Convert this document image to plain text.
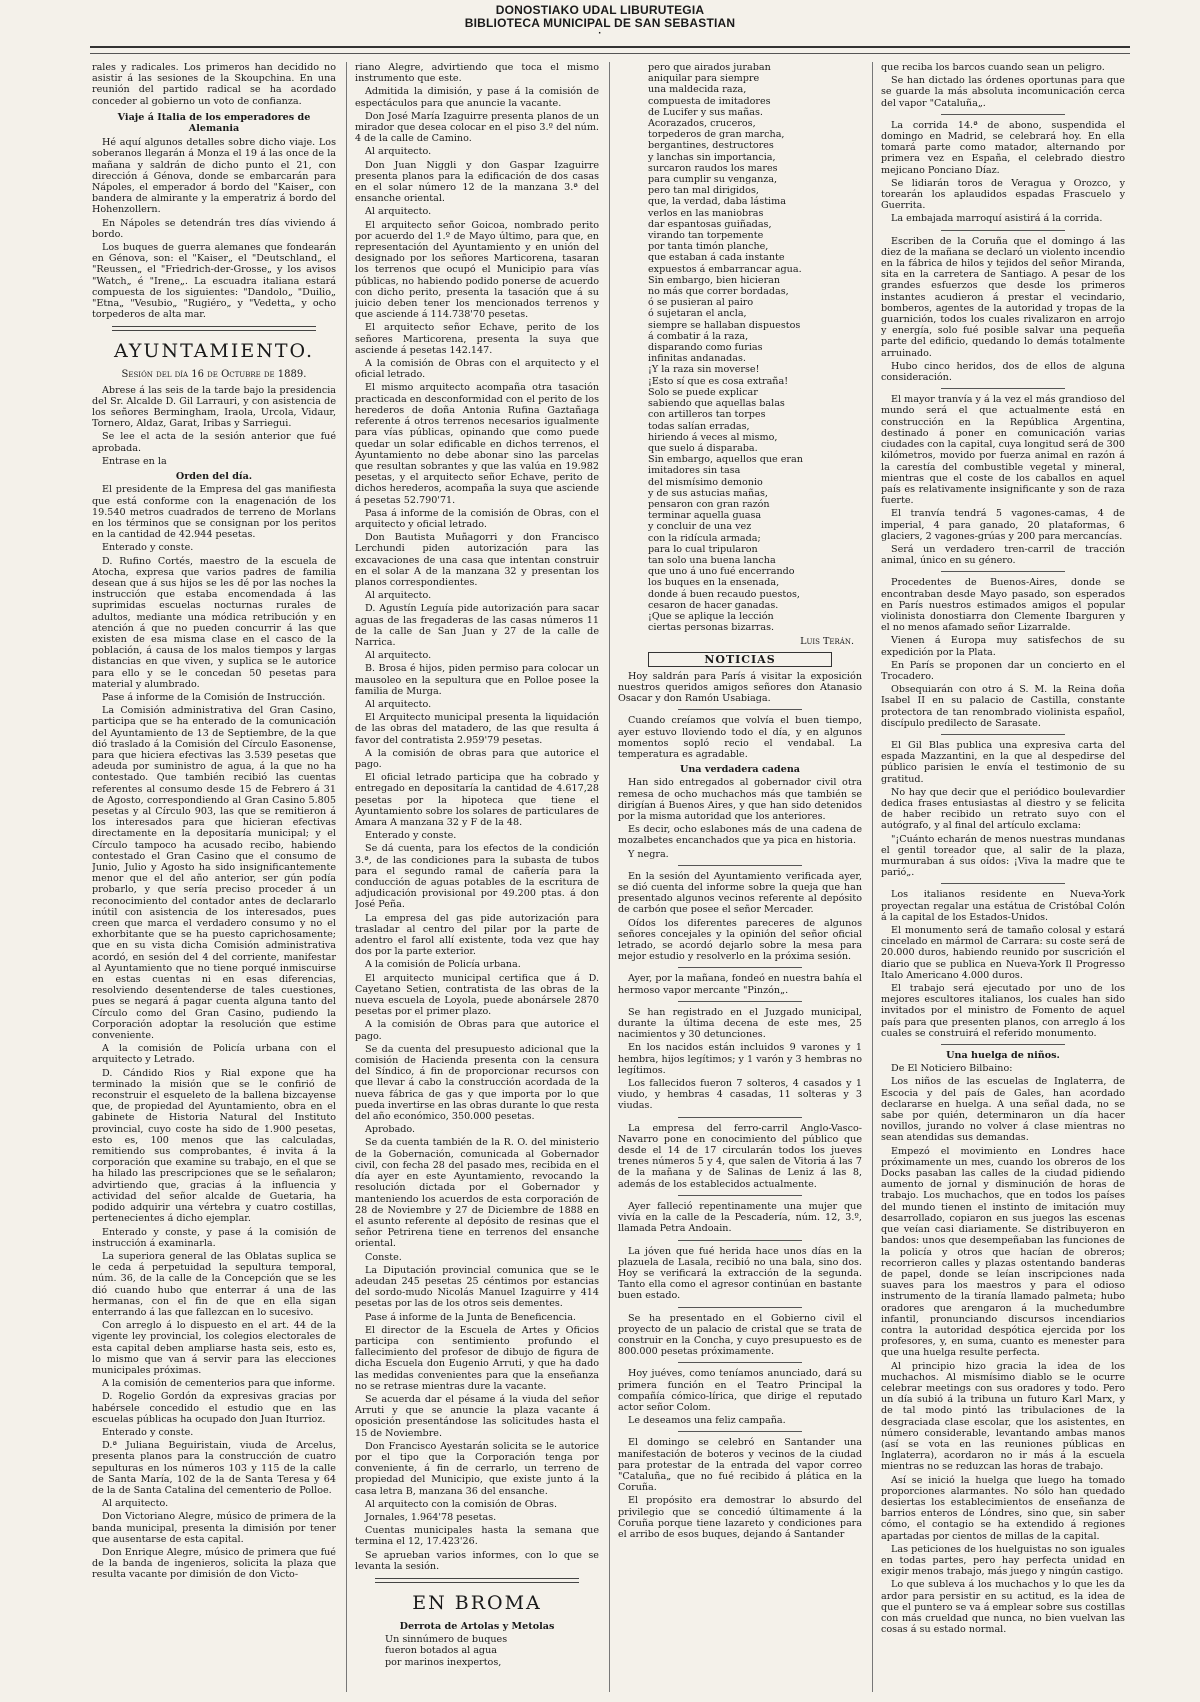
DONOSTIAKO UDAL LIBURUTEGIA
BIBLIOTECA MUNICIPAL DE SAN SEBASTIAN
·

rales y radicales. Los primeros han decidido no asistir á las sesiones de la Skoupchina. En una reunión del partido radical se ha acordado conceder al gobierno un voto de confianza.

Viaje á Italia de los emperadores de Alemania

Hé aquí algunos detalles sobre dicho viaje. Los soberanos llegarán á Monza el 19 á las once de la mañana y saldrán de dicho punto el 21, con dirección á Génova, donde se embarcarán para Nápoles, el emperador á bordo del "Kaiser„ con bandera de almirante y la emperatriz á bordo del Hohenzollern.

En Nápoles se detendrán tres días viviendo á bordo.

Los buques de guerra alemanes que fondearán en Génova, son: el "Kaiser„ el "Deutschland„ el "Reussen„ el "Friedrich-der-Grosse„ y los avisos "Watch„ é "Irene„. La escuadra italiana estará compuesta de los siguientes: "Dandolo„ "Duilio„ "Etna„ "Vesubio„ "Rugiéro„ y "Vedetta„ y ocho torpederos de alta mar.

AYUNTAMIENTO.
Sesión del día 16 de Octubre de 1889.

Abrese á las seis de la tarde bajo la presidencia del Sr. Alcalde D. Gil Larrauri, y con asistencia de los señores Bermingham, Iraola, Urcola, Vidaur, Tornero, Aldaz, Garat, Iribas y Sarriegui.

Se lee el acta de la sesión anterior que fué aprobada.

Entrase en la

Orden del día.

El presidente de la Empresa del gas manifiesta que está conforme con la enagenación de los 19.540 metros cuadrados de terreno de Morlans en los términos que se consignan por los peritos en la cantidad de 42.944 pesetas.

Enterado y conste.

D. Rufino Cortés, maestro de la escuela de Atocha, expresa que varios padres de familia desean que á sus hijos se les dé por las noches la instrucción que estaba encomendada á las suprimidas escuelas nocturnas rurales de adultos, mediante una módica retribución y en atención á que no pueden concurrir á las que existen de esa misma clase en el casco de la población, á causa de los malos tiempos y largas distancias en que viven, y suplica se le autorice para ello y se le concedan 50 pesetas para material y alumbrado.

Pase á informe de la Comisión de Instrucción.

La Comisión administrativa del Gran Casino, participa que se ha enterado de la comunicación del Ayuntamiento de 13 de Septiembre, de la que dió traslado á la Comisión del Círculo Easonense, para que hiciera efectivas las 3.539 pesetas que adeuda por suministro de agua, á la que no ha contestado. Que también recibió las cuentas referentes al consumo desde 15 de Febrero á 31 de Agosto, correspondiendo al Gran Casino 5.805 pesetas y al Círculo 903, las que se remitieron á los interesados para que hicieran efectivas directamente en la depositaría municipal; y el Círculo tampoco ha acusado recibo, habiendo contestado el Gran Casino que el consumo de Junio, Julio y Agosto ha sido insignificantemente menor que el del año anterior, ser gún podía probarlo, y que sería preciso proceder á un reconocimiento del contador antes de declararlo inútil con asistencia de los interesados, pues creen que marca el verdadero consumo y no el exhorbitante que se ha puesto caprichosamente; que en su vista dicha Comisión administrativa acordó, en sesión del 4 del corriente, manifestar al Ayuntamiento que no tiene porqué inmiscuirse en estas cuentas ni en esas diferencias, resolviendo desentenderse de tales cuestiones, pues se negará á pagar cuenta alguna tanto del Círculo como del Gran Casino, pudiendo la Corporación adoptar la resolución que estime conveniente.

A la comisión de Policía urbana con el arquitecto y Letrado.

D. Cándido Rios y Rial expone que ha terminado la misión que se le confirió de reconstruir el esqueleto de la ballena bizcayense que, de propiedad del Ayuntamiento, obra en el gabinete de Historia Natural del Instituto provincial, cuyo coste ha sido de 1.900 pesetas, esto es, 100 menos que las calculadas, remitiendo sus comprobantes, é invita á la corporación que examine su trabajo, en el que se ha hilado las prescripciones que se le señalaron; advirtiendo que, gracias á la influencia y actividad del señor alcalde de Guetaria, ha podido adquirir una vértebra y cuatro costillas, pertenecientes á dicho ejemplar.

Enterado y conste, y pase á la comisión de instrucción á examinarla.

La superiora general de las Oblatas suplica se le ceda á perpetuidad la sepultura temporal, núm. 36, de la calle de la Concepción que se les dió cuando hubo que enterrar á una de las hermanas, con el fin de que en ella sigan enterrando á las que fallezcan en lo sucesivo.

Con arreglo á lo dispuesto en el art. 44 de la vigente ley provincial, los colegios electorales de esta capital deben ampliarse hasta seis, esto es, lo mismo que van á servir para las elecciones municipales próximas.

A la comisión de cementerios para que informe.

D. Rogelio Gordón da expresivas gracias por habérsele concedido el estudio que en las escuelas públicas ha ocupado don Juan Iturrioz.

Enterado y conste.

D.ª Juliana Beguiristain, viuda de Arcelus, presenta planos para la construcción de cuatro sepulturas en los números 103 y 115 de la calle de Santa María, 102 de la de Santa Teresa y 64 de la de Santa Catalina del cementerio de Polloe.

Al arquitecto.

Don Victoriano Alegre, músico de primera de la banda municipal, presenta la dimisión por tener que ausentarse de esta capital.

Don Enrique Alegre, músico de primera que fué de la banda de ingenieros, solicita la plaza que resulta vacante por dimisión de don Victo-

riano Alegre, advirtiendo que toca el mismo instrumento que este.

Admitida la dimisión, y pase á la comisión de espectáculos para que anuncie la vacante.

Don José María Izaguirre presenta planos de un mirador que desea colocar en el piso 3.º del núm. 4 de la calle de Camino.

Al arquitecto.

Don Juan Niggli y don Gaspar Izaguirre presenta planos para la edificación de dos casas en el solar número 12 de la manzana 3.ª del ensanche oriental.

Al arquitecto.

El arquitecto señor Goicoa, nombrado perito por acuerdo del 1.º de Mayo último, para que, en representación del Ayuntamiento y en unión del designado por los señores Marticorena, tasaran los terrenos que ocupó el Municipio para vías públicas, no habiendo podido ponerse de acuerdo con dicho perito, presenta la tasación que á su juicio deben tener los mencionados terrenos y que asciende á 114.738'70 pesetas.

El arquitecto señor Echave, perito de los señores Marticorena, presenta la suya que asciende á pesetas 142.147.

A la comisión de Obras con el arquitecto y el oficial letrado.

El mismo arquitecto acompaña otra tasación practicada en desconformidad con el perito de los herederos de doña Antonia Rufina Gaztañaga referente á otros terrenos necesarios igualmente para vías públicas, opinando que como puede quedar un solar edificable en dichos terrenos, el Ayuntamiento no debe abonar sino las parcelas que resultan sobrantes y que las valúa en 19.982 pesetas, y el arquitecto señor Echave, perito de dichos herederos, acompaña la suya que asciende á pesetas 52.790'71.

Pasa á informe de la comisión de Obras, con el arquitecto y oficial letrado.

Don Bautista Muñagorri y don Francisco Lerchundi piden autorización para las excavaciones de una casa que intentan construir en el solar A de la manzana 32 y presentan los planos correspondientes.

Al arquitecto.

D. Agustín Leguía pide autorización para sacar aguas de las fregaderas de las casas números 11 de la calle de San Juan y 27 de la calle de Narrica.

Al arquitecto.

B. Brosa é hijos, piden permiso para colocar un mausoleo en la sepultura que en Polloe posee la familia de Murga.

Al arquitecto.

El Arquitecto municipal presenta la liquidación de las obras del matadero, de las que resulta á favor del contratista 2.959'79 pesetas.

A la comisión de obras para que autorice el pago.

El oficial letrado participa que ha cobrado y entregado en depositaría la cantidad de 4.617,28 pesetas por la hipoteca que tiene el Ayuntamiento sobre los solares de particulares de Amara A manzana 32 y F de la 48.

Enterado y conste.

Se dá cuenta, para los efectos de la condición 3.ª, de las condiciones para la subasta de tubos para el segundo ramal de cañería para la conducción de aguas potables de la escritura de adjudicación provisional por 49.200 ptas. á don José Peña.

La empresa del gas pide autorización para trasladar al centro del pilar por la parte de adentro el farol allí existente, toda vez que hay dos por la parte exterior.

A la comisión de Policía urbana.

El arquitecto municipal certifica que á D. Cayetano Setien, contratista de las obras de la nueva escuela de Loyola, puede abonársele 2870 pesetas por el primer plazo.

A la comisión de Obras para que autorice el pago.

Se da cuenta del presupuesto adicional que la comisión de Hacienda presenta con la censura del Síndico, á fin de proporcionar recursos con que llevar á cabo la construcción acordada de la nueva fábrica de gas y que importa por lo que pueda invertirse en las obras durante lo que resta del año económico, 350.000 pesetas.

Aprobado.

Se da cuenta también de la R. O. del ministerio de la Gobernación, comunicada al Gobernador civil, con fecha 28 del pasado mes, recibida en el día ayer en este Ayuntamiento, revocando la resolución dictada por el Gobernador y manteniendo los acuerdos de esta corporación de 28 de Noviembre y 27 de Diciembre de 1888 en el asunto referente al depósito de resinas que el señor Petrirena tiene en terrenos del ensanche oriental.

Conste.

La Diputación provincial comunica que se le adeudan 245 pesetas 25 céntimos por estancias del sordo-mudo Nicolás Manuel Izaguirre y 414 pesetas por las de los otros seis dementes.

Pase á informe de la Junta de Beneficencia.

El director de la Escuela de Artes y Oficios participa con sentimiento profundo el fallecimiento del profesor de dibujo de figura de dicha Escuela don Eugenio Arruti, y que ha dado las medidas convenientes para que la enseñanza no se retrase mientras dure la vacante.

Se acuerda dar el pésame á la viuda del señor Arruti y que se anuncie la plaza vacante á oposición presentándose las solicitudes hasta el 15 de Noviembre.

Don Francisco Ayestarán solicita se le autorice por el tipo que la Corporación tenga por conveniente, á fin de cerrarlo, un terreno de propiedad del Municipio, que existe junto á la casa letra B, manzana 36 del ensanche.

Al arquitecto con la comisión de Obras.

Jornales, 1.964'78 pesetas.

Cuentas municipales hasta la semana que termina el 12, 17.423'26.

Se aprueban varios informes, con lo que se levanta la sesión.

EN BROMA
Derrota de Artolas y Metolas

Un sinnúmero de buques

fueron botados al agua

por marinos inexpertos,

pero que airados juraban

aniquilar para siempre

una maldecida raza,

compuesta de imitadores

de Lucifer y sus mañas.

Acorazados, cruceros,

torpederos de gran marcha,

bergantines, destructores

y lanchas sin importancia,

surcaron raudos los mares

para cumplir su venganza,

pero tan mal dirigidos,

que, la verdad, daba lástima

verlos en las maniobras

dar espantosas guiñadas,

virando tan torpemente

por tanta timón planche,

que estaban á cada instante

expuestos á embarrancar agua.

Sin embargo, bien hicieran

no más que correr bordadas,

ó se pusieran al pairo

ó sujetaran el ancla,

siempre se hallaban dispuestos

á combatir á la raza,

disparando como furias

infinitas andanadas.

¡Y la raza sin moverse!

¡Esto sí que es cosa extraña!

Solo se puede explicar

sabiendo que aquellas balas

con artilleros tan torpes

todas salían erradas,

hiriendo á veces al mismo,

que suelo á disparaba.

Sin embargo, aquellos que eran

imitadores sin tasa

del mismísimo demonio

y de sus astucias mañas,

pensaron con gran razón

terminar aquella guasa

y concluir de una vez

con la ridícula armada;

para lo cual tripularon

tan solo una buena lancha

que uno á uno fué encerrando

los buques en la ensenada,

donde á buen recaudo puestos,

cesaron de hacer ganadas.

¡Que se aplique la lección

ciertas personas bizarras.

Luis Terán.
NOTICIAS

Hoy saldrán para París á visitar la exposición nuestros queridos amigos señores don Atanasio Osacar y don Ramón Usabiaga.

Cuando creíamos que volvía el buen tiempo, ayer estuvo lloviendo todo el día, y en algunos momentos sopló recio el vendabal. La temperatura es agradable.

Una verdadera cadena

Han sido entregados al gobernador civil otra remesa de ocho muchachos más que también se dirigían á Buenos Aires, y que han sido detenidos por la misma autoridad que los anteriores.

Es decir, ocho eslabones más de una cadena de mozalbetes encanchados que ya pica en historia.

Y negra.

En la sesión del Ayuntamiento verificada ayer, se dió cuenta del informe sobre la queja que han presentado algunos vecinos referente al depósito de carbón que posee el señor Mercader.

Oídos los diferentes pareceres de algunos señores concejales y la opinión del señor oficial letrado, se acordó dejarlo sobre la mesa para mejor estudio y resolverlo en la próxima sesión.

Ayer, por la mañana, fondeó en nuestra bahía el hermoso vapor mercante "Pinzón„.

Se han registrado en el Juzgado municipal, durante la última decena de este mes, 25 nacimientos y 30 detunciones.

En los nacidos están incluidos 9 varones y 1 hembra, hijos legítimos; y 1 varón y 3 hembras no legítimos.

Los fallecidos fueron 7 solteros, 4 casados y 1 viudo, y hembras 4 casadas, 11 solteras y 3 viudas.

La empresa del ferro-carril Anglo-Vasco-Navarro pone en conocimiento del público que desde el 14 de 17 circularán todos los jueves trenes números 5 y 4, que salen de Vitoria á las 7 de la mañana y de Salinas de Leniz á las 8, además de los establecidos actualmente.

Ayer falleció repentinamente una mujer que vivía en la calle de la Pescadería, núm. 12, 3.º, llamada Petra Andoain.

La jóven que fué herida hace unos días en la plazuela de Lasala, recibió no una bala, sino dos. Hoy se verificará la extracción de la segunda. Tanto ella como el agresor continúan en bastante buen estado.

Se ha presentado en el Gobierno civil el proyecto de un palacio de cristal que se trata de construir en la Concha, y cuyo presupuesto es de 800.000 pesetas próximamente.

Hoy juéves, como teníamos anunciado, dará su primera función en el Teatro Principal la compañía cómico-lírica, que dirige el reputado actor señor Colom.

Le deseamos una feliz campaña.

El domingo se celebró en Santander una manifestación de boteros y vecinos de la ciudad para protestar de la entrada del vapor correo "Cataluña„ que no fué recibido á plática en la Coruña.

El propósito era demostrar lo absurdo del privilegio que se concedió últimamente á la Coruña porque tiene lazareto y condiciones para el arribo de esos buques, dejando á Santander

que reciba los barcos cuando sean un peligro.

Se han dictado las órdenes oportunas para que se guarde la más absoluta incomunicación cerca del vapor "Cataluña„.

La corrida 14.ª de abono, suspendida el domingo en Madrid, se celebrará hoy. En ella tomará parte como matador, alternando por primera vez en España, el celebrado diestro mejicano Ponciano Díaz.

Se lidiarán toros de Veragua y Orozco, y torearán los aplaudidos espadas Frascuelo y Guerrita.

La embajada marroquí asistirá á la corrida.

Escriben de la Coruña que el domingo á las diez de la mañana se declaró un violento incendio en la fábrica de hilos y tejidos del señor Miranda, sita en la carretera de Santiago. A pesar de los grandes esfuerzos que desde los primeros instantes acudieron á prestar el vecindario, bomberos, agentes de la autoridad y tropas de la guarnición, todos los cuales rivalizaron en arrojo y energía, solo fué posible salvar una pequeña parte del edificio, quedando lo demás totalmente arruinado.

Hubo cinco heridos, dos de ellos de alguna consideración.

El mayor tranvía y á la vez el más grandioso del mundo será el que actualmente está en construcción en la República Argentina, destinado á poner en comunicación varias ciudades con la capital, cuya longitud será de 300 kilómetros, movido por fuerza animal en razón á la carestía del combustible vegetal y mineral, mientras que el coste de los caballos en aquel país es relativamente insignificante y son de raza fuerte.

El tranvía tendrá 5 vagones-camas, 4 de imperial, 4 para ganado, 20 plataformas, 6 glaciers, 2 vagones-grúas y 200 para mercancías.

Será un verdadero tren-carril de tracción animal, único en su género.

Procedentes de Buenos-Aires, donde se encontraban desde Mayo pasado, son esperados en París nuestros estimados amigos el popular violinista donostiarra don Clemente Ibarguren y el no menos afamado señor Lizarralde.

Vienen á Europa muy satisfechos de su expedición por la Plata.

En París se proponen dar un concierto en el Trocadero.

Obsequiarán con otro á S. M. la Reina doña Isabel II en su palacio de Castilla, constante protectora de tan renombrado violinista español, discípulo predilecto de Sarasate.

El Gil Blas publica una expresiva carta del espada Mazzantini, en la que al despedirse del público parisien le envía el testimonio de su gratitud.

No hay que decir que el periódico boulevardier dedica frases entusiastas al diestro y se felicita de haber recibido un retrato suyo con el autógrafo, y al final del artículo exclama:

"¡Cuánto echarán de menos nuestras mundanas el gentil toreador que, al salir de la plaza, murmuraban á sus oídos: ¡Viva la madre que te parió„.

Los italianos residente en Nueva-York proyectan regalar una estátua de Cristóbal Colón á la capital de los Estados-Unidos.

El monumento será de tamaño colosal y estará cincelado en mármol de Carrara: su coste será de 20.000 duros, habiendo reunido por suscrición el diario que se publica en Nueva-York Il Progresso Italo Americano 4.000 duros.

El trabajo será ejecutado por uno de los mejores escultores italianos, los cuales han sido invitados por el ministro de Fomento de aquel país para que presenten planos, con arreglo á los cuales se construirá el referido monumento.

Una huelga de niños.

De El Noticiero Bilbaino:

Los niños de las escuelas de Inglaterra, de Escocia y del país de Gales, han acordado declararse en huelga. A una señal dada, no se sabe por quién, determinaron un día hacer novillos, jurando no volver á clase mientras no sean atendidas sus demandas.

Empezó el movimiento en Londres hace próximamente un mes, cuando los obreros de los Docks pasaban las calles de la ciudad pidiendo aumento de jornal y disminución de horas de trabajo. Los muchachos, que en todos los países del mundo tienen el instinto de imitación muy desarrollado, copiaron en sus juegos las escenas que veían casi diariamente. Se distribuyeron en bandos: unos que desempeñaban las funciones de la policía y otros que hacían de obreros; recorrieron calles y plazas ostentando banderas de papel, donde se leían inscripciones nada suaves para los maestros y para el odioso instrumento de la tiranía llamado palmeta; hubo oradores que arengaron á la muchedumbre infantil, pronunciando discursos incendiarios contra la autoridad despótica ejercida por los profesores, y, en suma, cuanto es menester para que una huelga resulte perfecta.

Al principio hizo gracia la idea de los muchachos. Al mismísimo diablo se le ocurre celebrar meetings con sus oradores y todo. Pero un día subió á la tribuna un futuro Karl Marx, y de tal modo pintó las tribulaciones de la desgraciada clase escolar, que los asistentes, en número considerable, levantando ambas manos (así se vota en las reuniones públicas en Inglaterra), acordaron no ir más á la escuela mientras no se reduzcan las horas de trabajo.

Así se inició la huelga que luego ha tomado proporciones alarmantes. No sólo han quedado desiertas los establecimientos de enseñanza de barrios enteros de Lóndres, sino que, sin saber cómo, el contagio se ha extendido á regiones apartadas por cientos de millas de la capital.

Las peticiones de los huelguistas no son iguales en todas partes, pero hay perfecta unidad en exigir menos trabajo, más juego y ningún castigo.

Lo que subleva á los muchachos y lo que les da ardor para persistir en su actitud, es la idea de que el puntero se va á emplear sobre sus costillas con más crueldad que nunca, no bien vuelvan las cosas á su estado normal.
